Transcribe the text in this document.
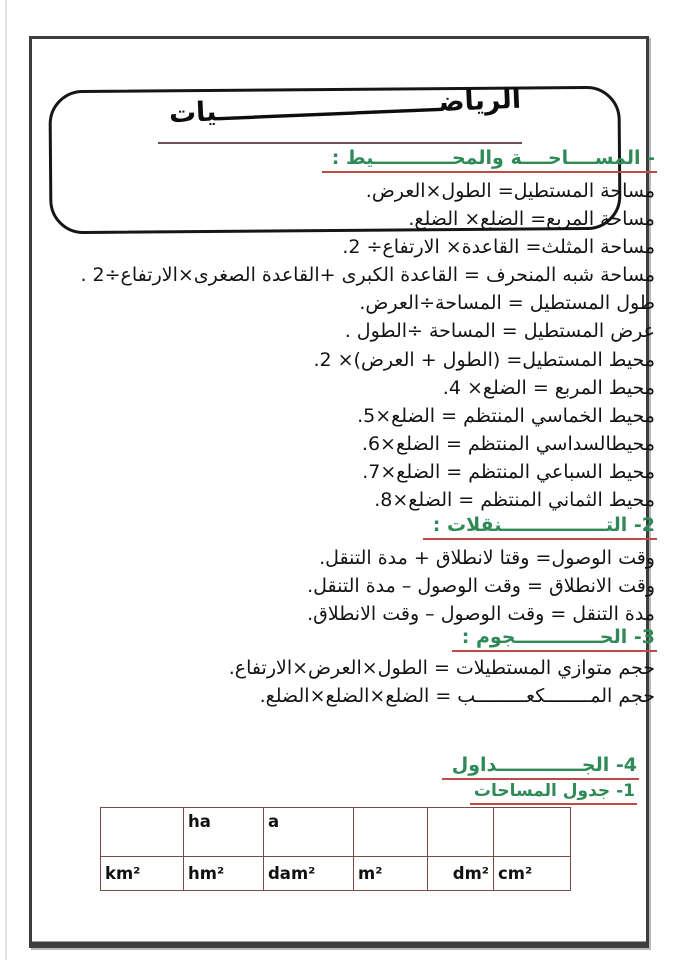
الرياضــــــــــــــــــــــــيات
- المســــاحــــة والمحــــــــــــيط :
مساحة المستطيل= الطول×العرض.
مساحة المربع= الضلع× الضلع.
مساحة المثلث= القاعدة× الارتفاع÷ 2.
مساحة شبه المنحرف = القاعدة الكبرى +القاعدة الصغرى×الارتفاع÷2 .
طول المستطيل = المساحة÷العرض.
عرض المستطيل = المساحة ÷الطول .
محيط المستطيل= (الطول + العرض)× 2.
محيط المربع = الضلع× 4.
محيط الخماسي المنتظم = الضلع×5.
محيطالسداسي المنتظم = الضلع×6.
محيط السباعي المنتظم = الضلع×7.
محيط الثماني المنتظم = الضلع×8.
2- التــــــــــــــــنقلات :
وقت الوصول= وقتا لانطلاق + مدة التنقل.
وقت الانطلاق = وقت الوصول – مدة التنقل.
مدة التنقل = وقت الوصول – وقت الانطلاق.
3- الحـــــــــــــجوم :
حجم متوازي المستطيلات = الطول×العرض×الارتفاع.
حجم المــــــــكعـــــــــب = الضلع×الضلع×الضلع.
4- الجـــــــــــــداول
1- جدول المساحات
	ha	a			
km²	hm²	dam²	m²	dm²	cm²
